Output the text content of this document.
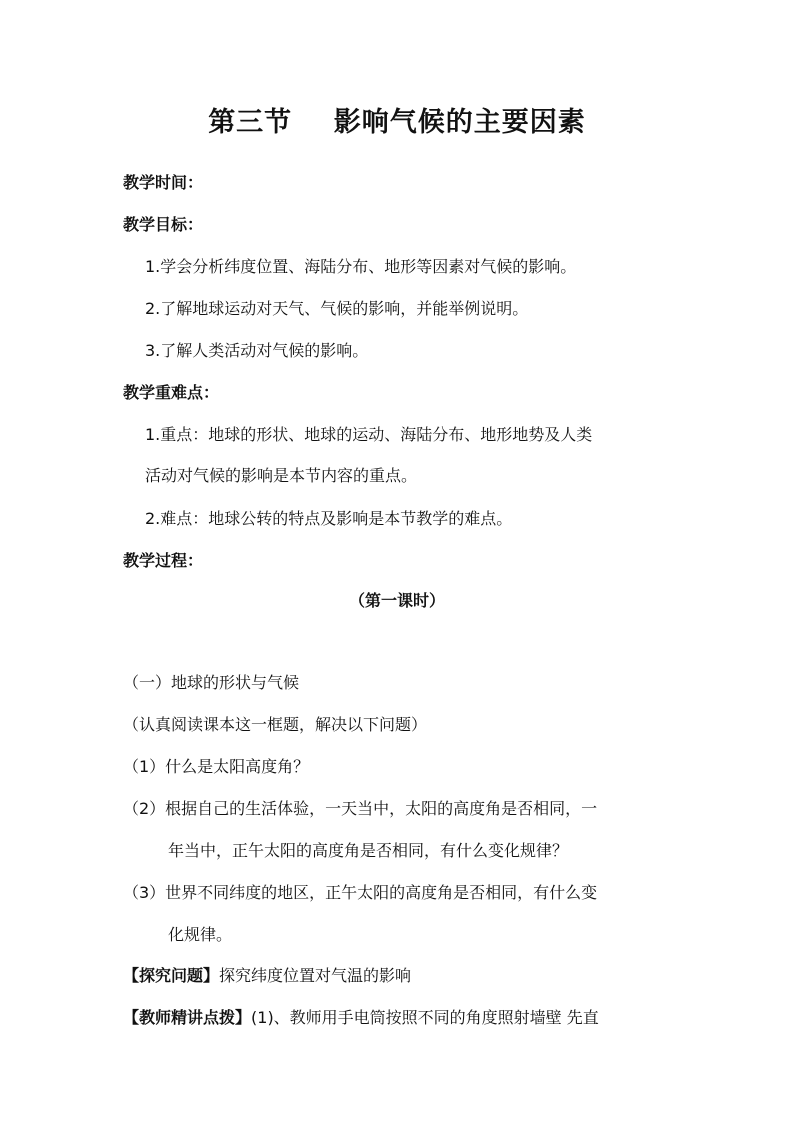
第三节 影响气候的主要因素
教学时间：
教学目标：
1.学会分析纬度位置、海陆分布、地形等因素对气候的影响。
2.了解地球运动对天气、气候的影响，并能举例说明。
3.了解人类活动对气候的影响。
教学重难点：
1.重点：地球的形状、地球的运动、海陆分布、地形地势及人类
活动对气候的影响是本节内容的重点。
2.难点：地球公转的特点及影响是本节教学的难点。
教学过程：
（第一课时）
（一）地球的形状与气候
（认真阅读课本这一框题，解决以下问题）
（1）什么是太阳高度角？
（2）根据自己的生活体验，一天当中，太阳的高度角是否相同，一
年当中，正午太阳的高度角是否相同，有什么变化规律？
（3）世界不同纬度的地区，正午太阳的高度角是否相同，有什么变
化规律。
【探究问题】探究纬度位置对气温的影响
【教师精讲点拨】(1)、教师用手电筒按照不同的角度照射墙壁 先直
